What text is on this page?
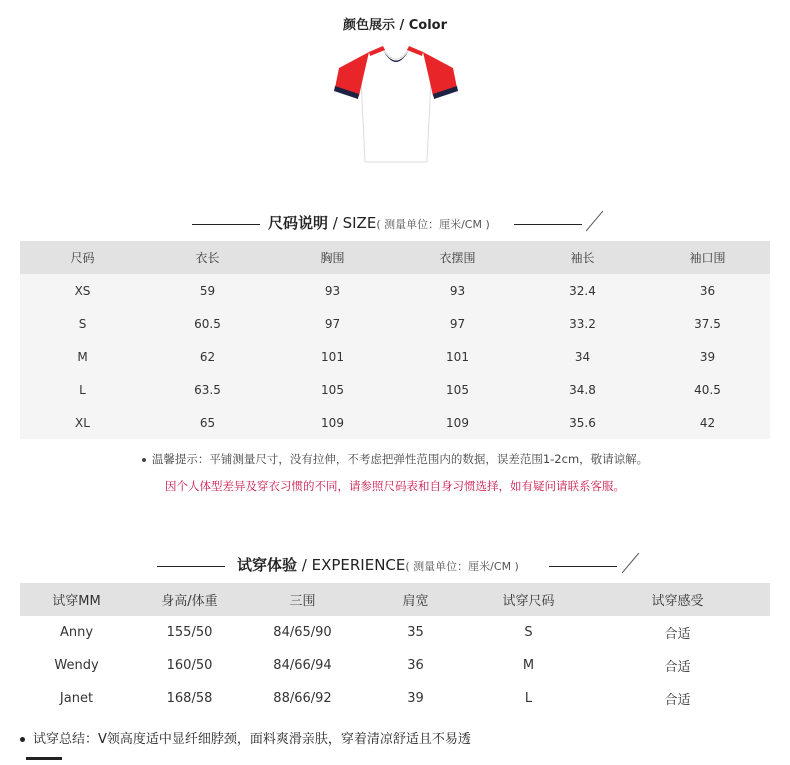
颜色展示 / Color
尺码说明 / SIZE( 测量单位：厘米/CM )
尺码	衣长	胸围	衣摆围	袖长	袖口围
XS	59	93	93	32.4	36
S	60.5	97	97	33.2	37.5
M	62	101	101	34	39
L	63.5	105	105	34.8	40.5
XL	65	109	109	35.6	42
温馨提示：平铺测量尺寸，没有拉伸，不考虑把弹性范围内的数据，误差范围1-2cm，敬请谅解。
因个人体型差异及穿衣习惯的不同，请参照尺码表和自身习惯选择，如有疑问请联系客服。
试穿体验 / EXPERIENCE( 测量单位：厘米/CM )
试穿MM	身高/体重	三围	肩宽	试穿尺码	试穿感受
Anny	155/50	84/65/90	35	S	合适
Wendy	160/50	84/66/94	36	M	合适
Janet	168/58	88/66/92	39	L	合适
试穿总结：V领高度适中显纤细脖颈，面料爽滑亲肤，穿着清凉舒适且不易透
